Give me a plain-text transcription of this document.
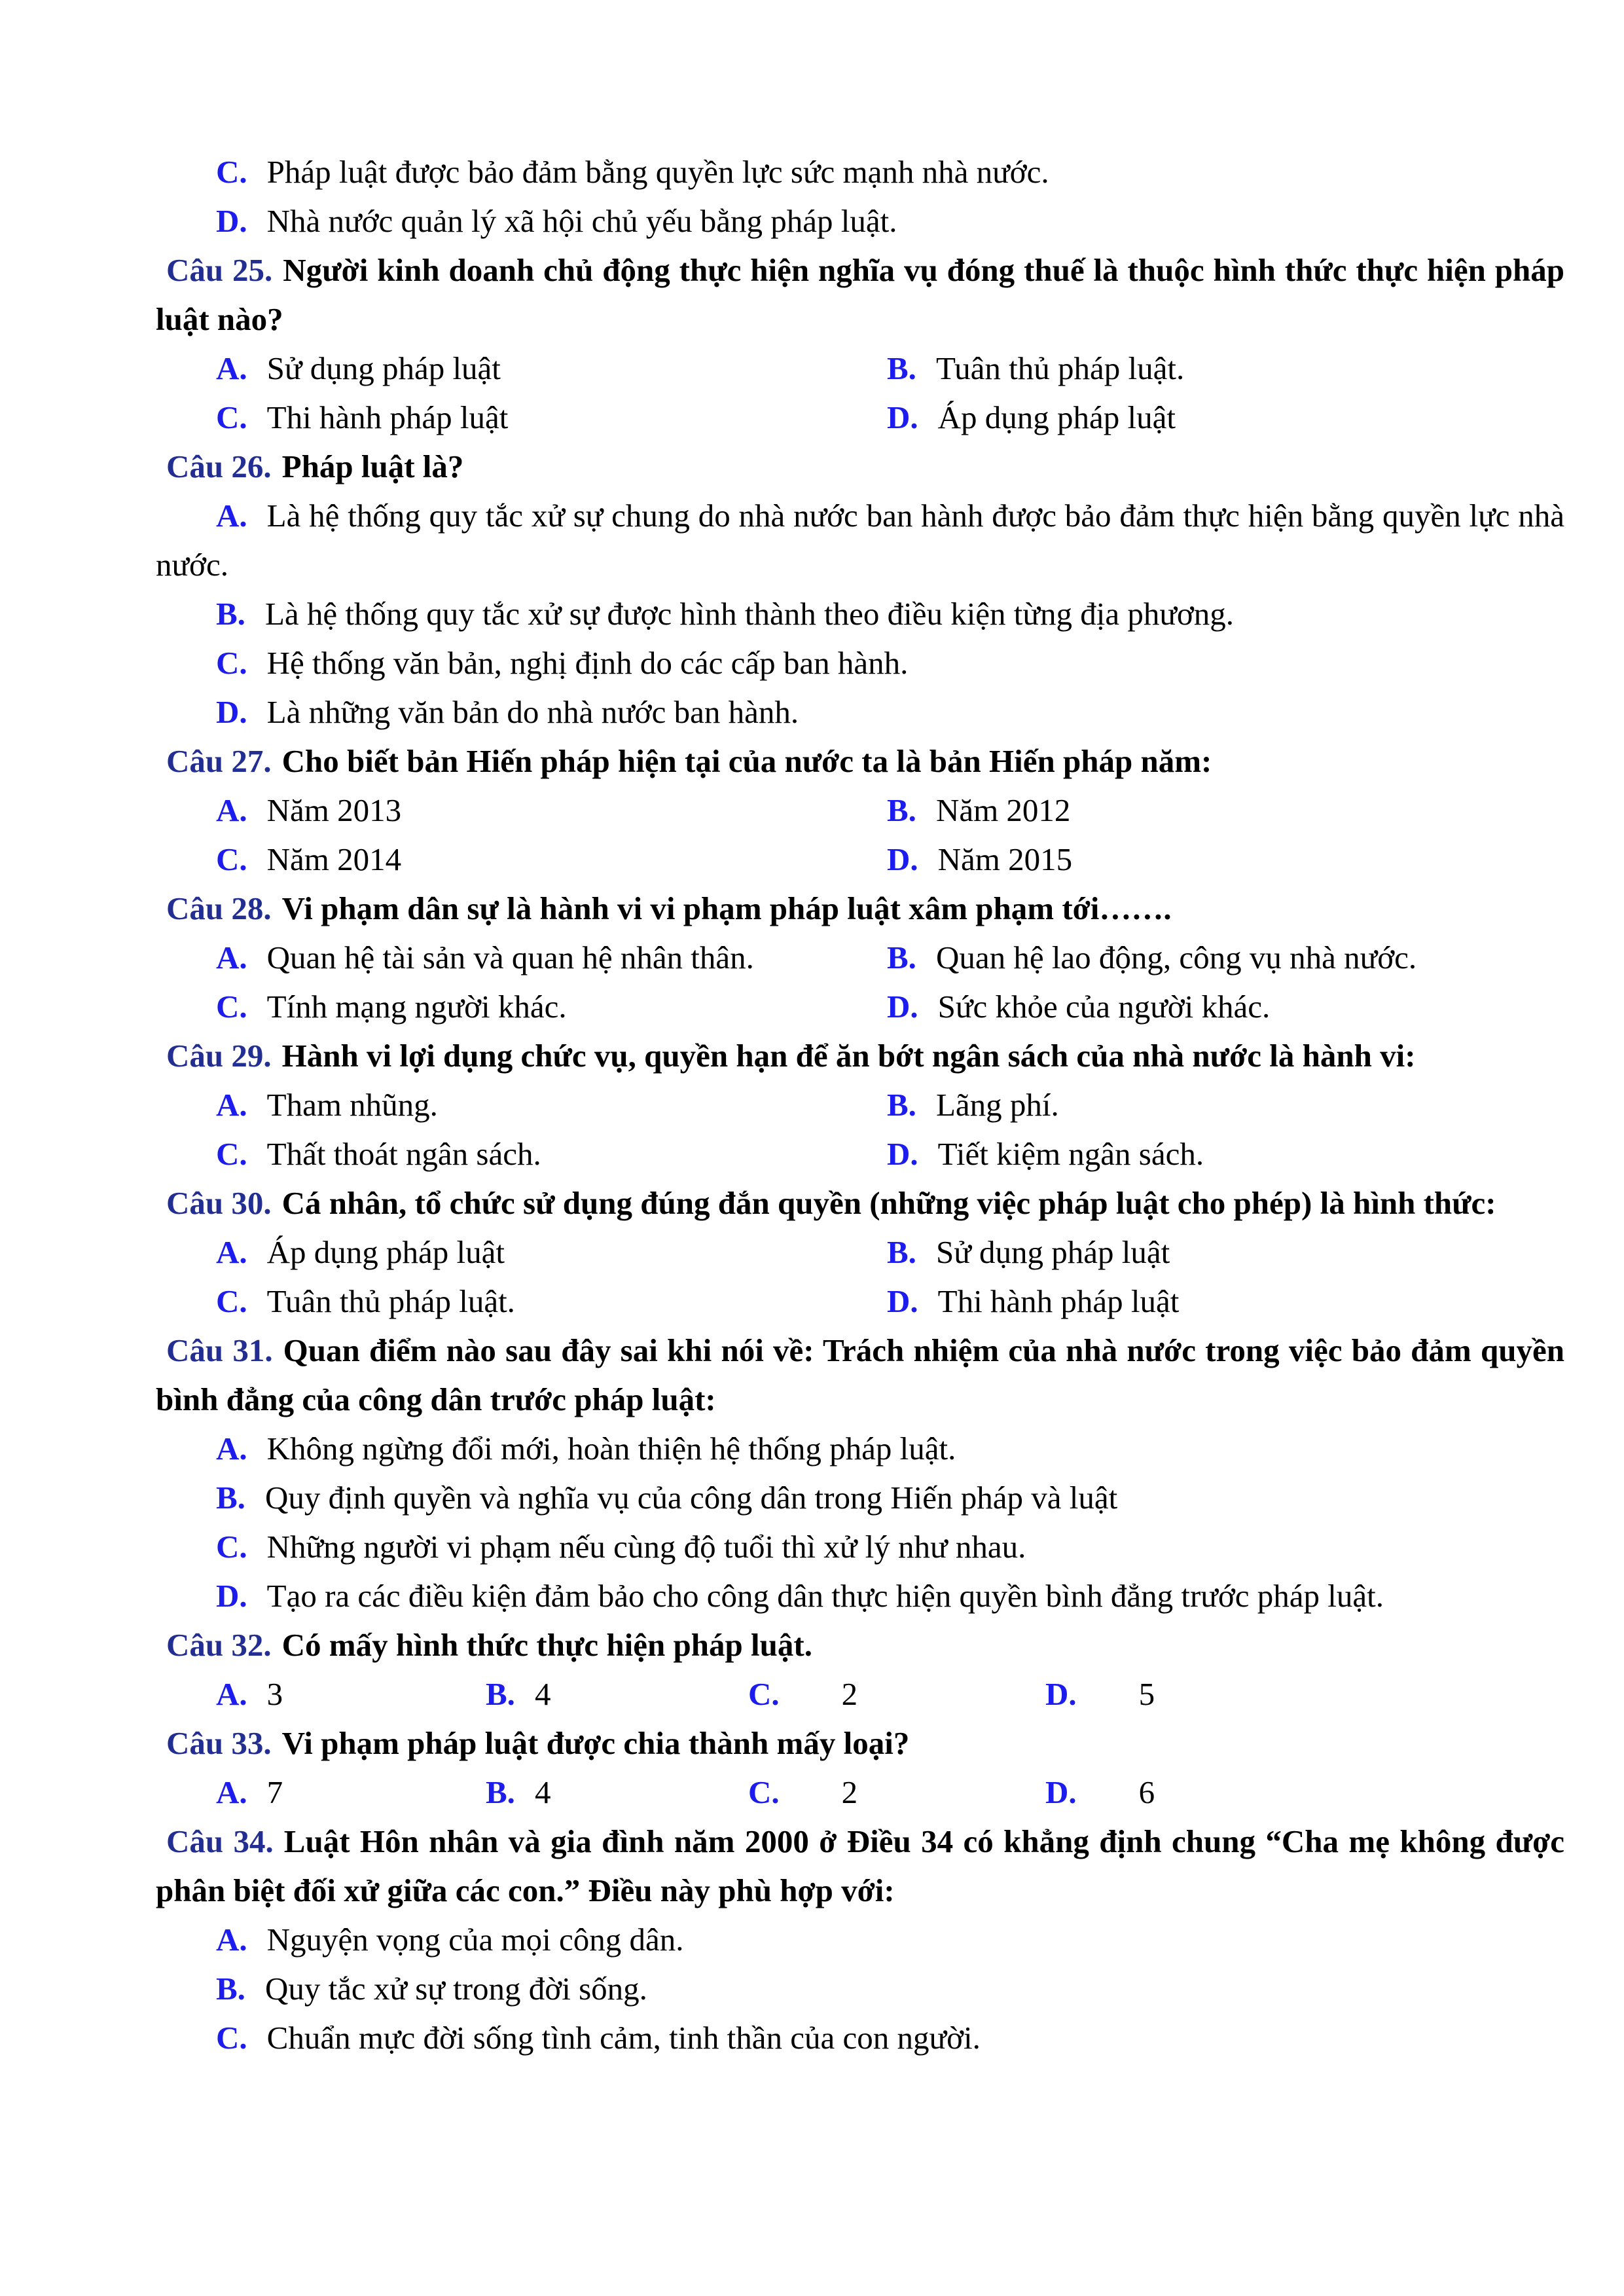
C. Pháp luật được bảo đảm bằng quyền lực sức mạnh nhà nước.

D. Nhà nước quản lý xã hội chủ yếu bằng pháp luật.

Câu 25. Người kinh doanh chủ động thực hiện nghĩa vụ đóng thuế là thuộc hình thức thực hiện pháp luật nào?

A. Sử dụng pháp luật	B. Tuân thủ pháp luật.

C. Thi hành pháp luật	D. Áp dụng pháp luật

Câu 26. Pháp luật là?

A. Là hệ thống quy tắc xử sự chung do nhà nước ban hành được bảo đảm thực hiện bằng quyền lực nhà nước.

B. Là hệ thống quy tắc xử sự được hình thành theo điều kiện từng địa phương.

C. Hệ thống văn bản, nghị định do các cấp ban hành.

D. Là những văn bản do nhà nước ban hành.

Câu 27. Cho biết bản Hiến pháp hiện tại của nước ta là bản Hiến pháp năm:

A. Năm 2013	B. Năm 2012

C. Năm 2014	D. Năm 2015

Câu 28. Vi phạm dân sự là hành vi vi phạm pháp luật xâm phạm tới…….

A. Quan hệ tài sản và quan hệ nhân thân.	B. Quan hệ lao động, công vụ nhà nước.

C. Tính mạng người khác.	D. Sức khỏe của người khác.

Câu 29. Hành vi lợi dụng chức vụ, quyền hạn để ăn bớt ngân sách của nhà nước là hành vi:

A. Tham nhũng.	B. Lãng phí.

C. Thất thoát ngân sách.	D. Tiết kiệm ngân sách.

Câu 30. Cá nhân, tổ chức sử dụng đúng đắn quyền (những việc pháp luật cho phép) là hình thức:

A. Áp dụng pháp luật	B. Sử dụng pháp luật

C. Tuân thủ pháp luật.	D. Thi hành pháp luật

Câu 31. Quan điểm nào sau đây sai khi nói về: Trách nhiệm của nhà nước trong việc bảo đảm quyền bình đẳng của công dân trước pháp luật:

A. Không ngừng đổi mới, hoàn thiện hệ thống pháp luật.

B. Quy định quyền và nghĩa vụ của công dân trong Hiến pháp và luật

C. Những người vi phạm nếu cùng độ tuổi thì xử lý như nhau.

D. Tạo ra các điều kiện đảm bảo cho công dân thực hiện quyền bình đẳng trước pháp luật.

Câu 32. Có mấy hình thức thực hiện pháp luật.

A. 3	B. 4	C. 2	D. 5

Câu 33. Vi phạm pháp luật được chia thành mấy loại?

A. 7	B. 4	C. 2	D. 6

Câu 34. Luật Hôn nhân và gia đình năm 2000 ở Điều 34 có khẳng định chung “Cha mẹ không được phân biệt đối xử giữa các con.” Điều này phù hợp với:

A. Nguyện vọng của mọi công dân.

B. Quy tắc xử sự trong đời sống.

C. Chuẩn mực đời sống tình cảm, tinh thần của con người.
